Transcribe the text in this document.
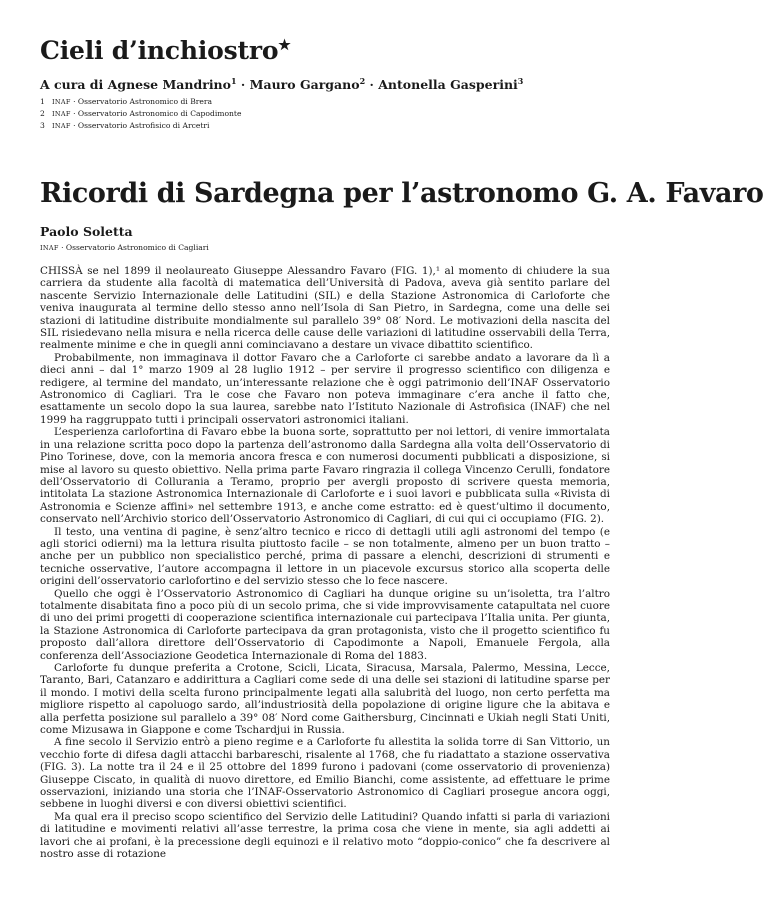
Cieli d’inchiostro★
A cura di Agnese Mandrino$^1$ · Mauro Gargano$^2$ · Antonella Gasperini$^3$
1 INAF · Osservatorio Astronomico di Brera
2 INAF · Osservatorio Astronomico di Capodimonte
3 INAF · Osservatorio Astrofisico di Arcetri
Ricordi di Sardegna per l’astronomo G. A. Favaro
Paolo Soletta
INAF · Osservatorio Astronomico di Cagliari

CHISSÀ se nel 1899 il neolaureato Giuseppe Alessandro Favaro (FIG. 1),¹ al momento di chiudere la sua carriera da studente alla facoltà di matematica dell’Università di Padova, aveva già sentito parlare del nascente Servizio Internazionale delle Latitudini (SIL) e della Stazione Astronomica di Carloforte che veniva inaugurata al termine dello stesso anno nell’Isola di San Pietro, in Sardegna, come una delle sei stazioni di latitudine distribuite mondialmente sul parallelo 39° 08′ Nord. Le motivazioni della nascita del SIL risiedevano nella misura e nella ricerca delle cause delle variazioni di latitudine osservabili della Terra, realmente minime e che in quegli anni cominciavano a destare un vivace dibattito scientifico.

Probabilmente, non immaginava il dottor Favaro che a Carloforte ci sarebbe andato a lavorare da lì a dieci anni – dal 1° marzo 1909 al 28 luglio 1912 – per servire il progresso scientifico con diligenza e redigere, al termine del mandato, un’interessante relazione che è oggi patrimonio dell’INAF Osservatorio Astronomico di Cagliari. Tra le cose che Favaro non poteva immaginare c’era anche il fatto che, esattamente un secolo dopo la sua laurea, sarebbe nato l’Istituto Nazionale di Astrofisica (INAF) che nel 1999 ha raggruppato tutti i principali osservatori astronomici italiani.

L’esperienza carlofortina di Favaro ebbe la buona sorte, soprattutto per noi lettori, di venire immortalata in una relazione scritta poco dopo la partenza dell’astronomo dalla Sardegna alla volta dell’Osservatorio di Pino Torinese, dove, con la memoria ancora fresca e con numerosi documenti pubblicati a disposizione, si mise al lavoro su questo obiettivo. Nella prima parte Favaro ringrazia il collega Vincenzo Cerulli, fondatore dell’Osservatorio di Collurania a Teramo, proprio per avergli proposto di scrivere questa memoria, intitolata La stazione Astronomica Internazionale di Carloforte e i suoi lavori e pubblicata sulla «Rivista di Astronomia e Scienze affini» nel settembre 1913, e anche come estratto: ed è quest’ultimo il documento, conservato nell’Archivio storico dell’Osservatorio Astronomico di Cagliari, di cui qui ci occupiamo (FIG. 2).

Il testo, una ventina di pagine, è senz’altro tecnico e ricco di dettagli utili agli astronomi del tempo (e agli storici odierni) ma la lettura risulta piuttosto facile – se non totalmente, almeno per un buon tratto – anche per un pubblico non specialistico perché, prima di passare a elenchi, descrizioni di strumenti e tecniche osservative, l’autore accompagna il lettore in un piacevole excursus storico alla scoperta delle origini dell’osservatorio carlofortino e del servizio stesso che lo fece nascere.

Quello che oggi è l’Osservatorio Astronomico di Cagliari ha dunque origine su un’isoletta, tra l’altro totalmente disabitata fino a poco più di un secolo prima, che si vide improvvisamente catapultata nel cuore di uno dei primi progetti di cooperazione scientifica internazionale cui partecipava l’Italia unita. Per giunta, la Stazione Astronomica di Carloforte partecipava da gran protagonista, visto che il progetto scientifico fu proposto dall’allora direttore dell’Osservatorio di Capodimonte a Napoli, Emanuele Fergola, alla conferenza dell’Associazione Geodetica Internazionale di Roma del 1883.

Carloforte fu dunque preferita a Crotone, Scicli, Licata, Siracusa, Marsala, Palermo, Messina, Lecce, Taranto, Bari, Catanzaro e addirittura a Cagliari come sede di una delle sei stazioni di latitudine sparse per il mondo. I motivi della scelta furono principalmente legati alla salubrità del luogo, non certo perfetta ma migliore rispetto al capoluogo sardo, all’industriosità della popolazione di origine ligure che la abitava e alla perfetta posizione sul parallelo a 39° 08′ Nord come Gaithersburg, Cincinnati e Ukiah negli Stati Uniti, come Mizusawa in Giappone e come Tschardjui in Russia.

A fine secolo il Servizio entrò a pieno regime e a Carloforte fu allestita la solida torre di San Vittorio, un vecchio forte di difesa dagli attacchi barbareschi, risalente al 1768, che fu riadattato a stazione osservativa (FIG. 3). La notte tra il 24 e il 25 ottobre del 1899 furono i padovani (come osservatorio di provenienza) Giuseppe Ciscato, in qualità di nuovo direttore, ed Emilio Bianchi, come assistente, ad effettuare le prime osservazioni, iniziando una storia che l’INAF-Osservatorio Astronomico di Cagliari prosegue ancora oggi, sebbene in luoghi diversi e con diversi obiettivi scientifici.

Ma qual era il preciso scopo scientifico del Servizio delle Latitudini? Quando infatti si parla di variazioni di latitudine e movimenti relativi all’asse terrestre, la prima cosa che viene in mente, sia agli addetti ai lavori che ai profani, è la precessione degli equinozi e il relativo moto “doppio-conico” che fa descrivere al nostro asse di rotazione
